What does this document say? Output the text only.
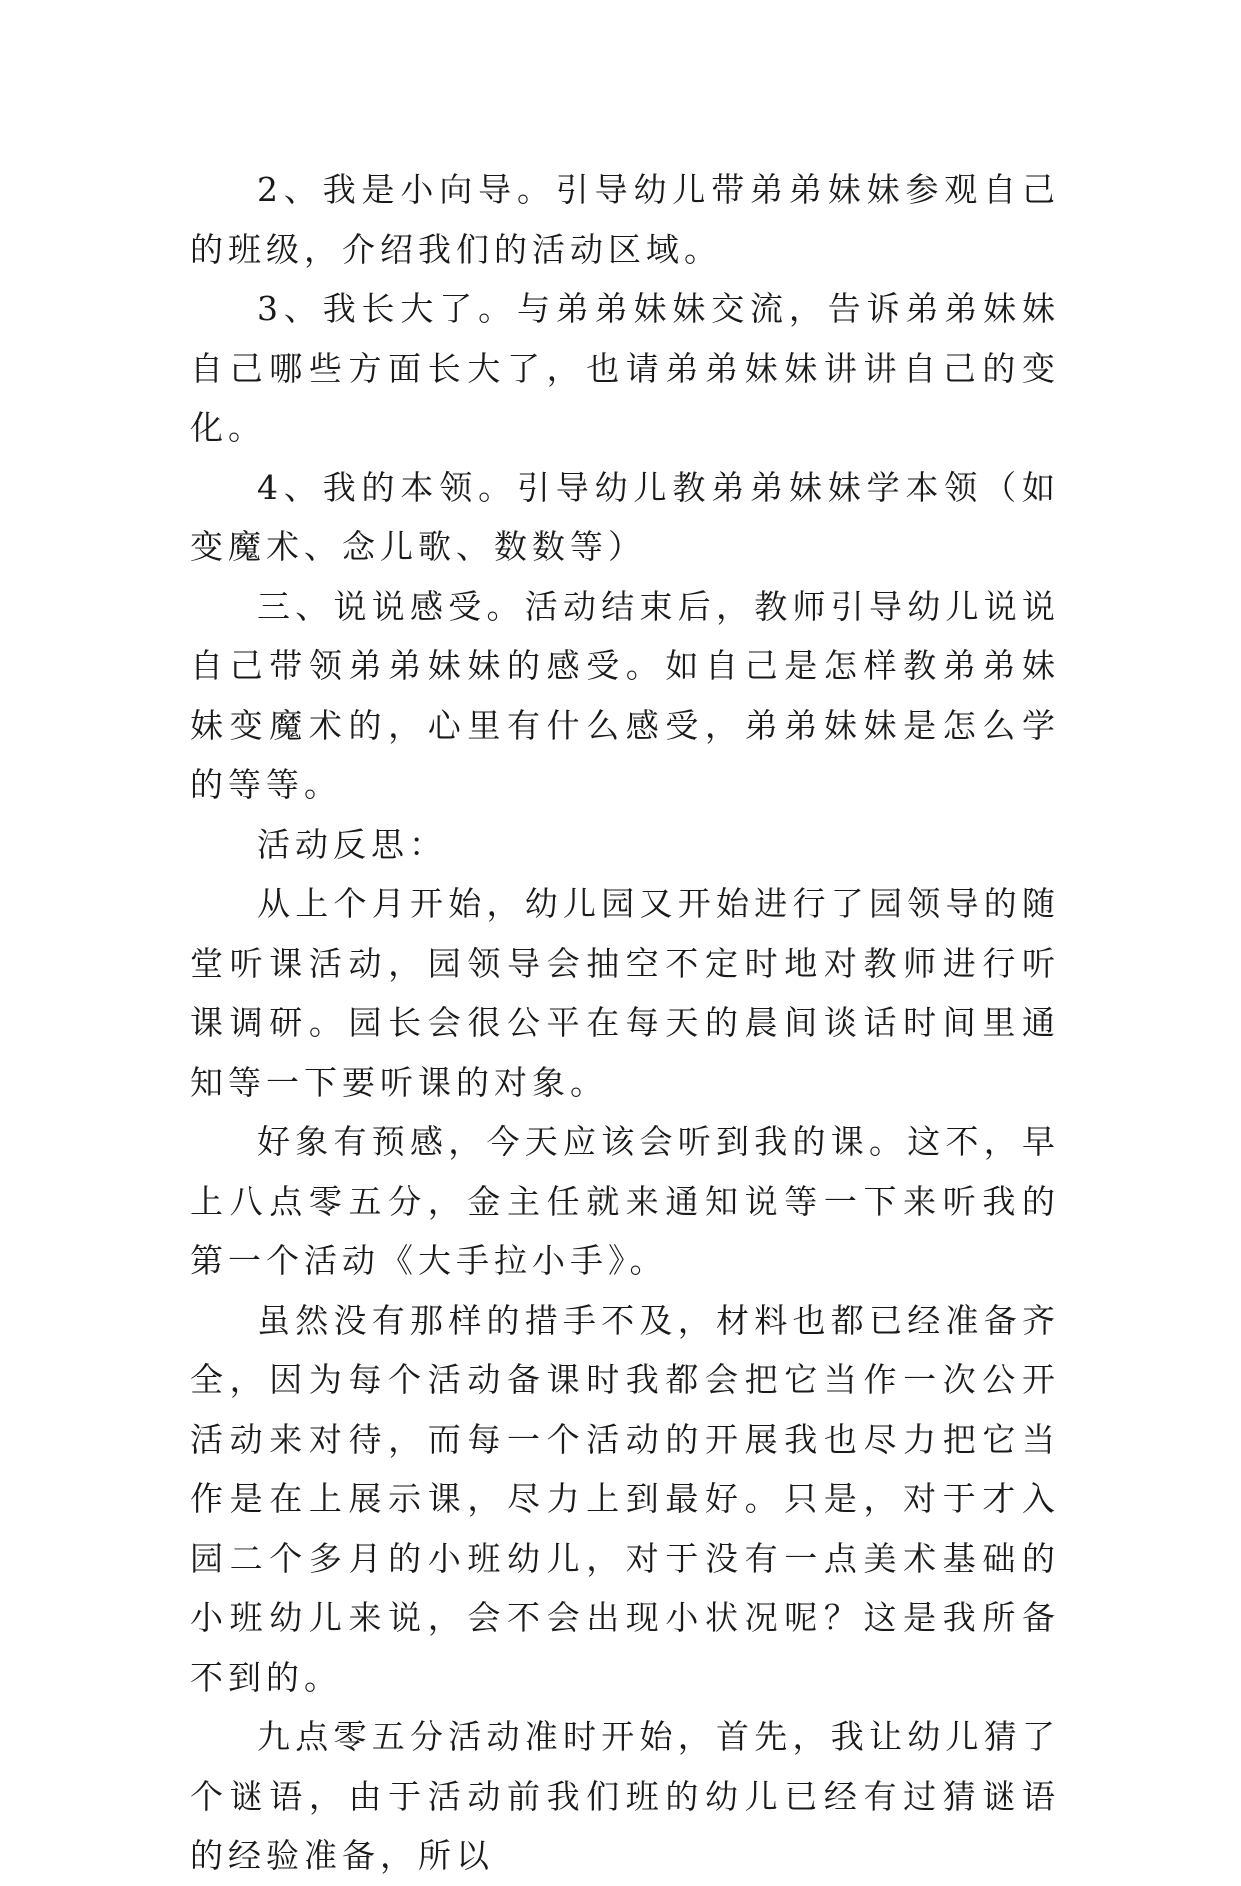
2、我是小向导。引导幼儿带弟弟妹妹参观自己的班级，介绍我们的活动区域。

3、我长大了。与弟弟妹妹交流，告诉弟弟妹妹自己哪些方面长大了，也请弟弟妹妹讲讲自己的变化。

4、我的本领。引导幼儿教弟弟妹妹学本领（如变魔术、念儿歌、数数等）

三、说说感受。活动结束后，教师引导幼儿说说自己带领弟弟妹妹的感受。如自己是怎样教弟弟妹妹变魔术的，心里有什么感受，弟弟妹妹是怎么学的等等。

活动反思：

从上个月开始，幼儿园又开始进行了园领导的随堂听课活动，园领导会抽空不定时地对教师进行听课调研。园长会很公平在每天的晨间谈话时间里通知等一下要听课的对象。

好象有预感，今天应该会听到我的课。这不，早上八点零五分，金主任就来通知说等一下来听我的第一个活动《大手拉小手》。

虽然没有那样的措手不及，材料也都已经准备齐全，因为每个活动备课时我都会把它当作一次公开活动来对待，而每一个活动的开展我也尽力把它当作是在上展示课，尽力上到最好。只是，对于才入园二个多月的小班幼儿，对于没有一点美术基础的小班幼儿来说，会不会出现小状况呢？这是我所备不到的。

九点零五分活动准时开始，首先，我让幼儿猜了个谜语，由于活动前我们班的幼儿已经有过猜谜语的经验准备，所以
